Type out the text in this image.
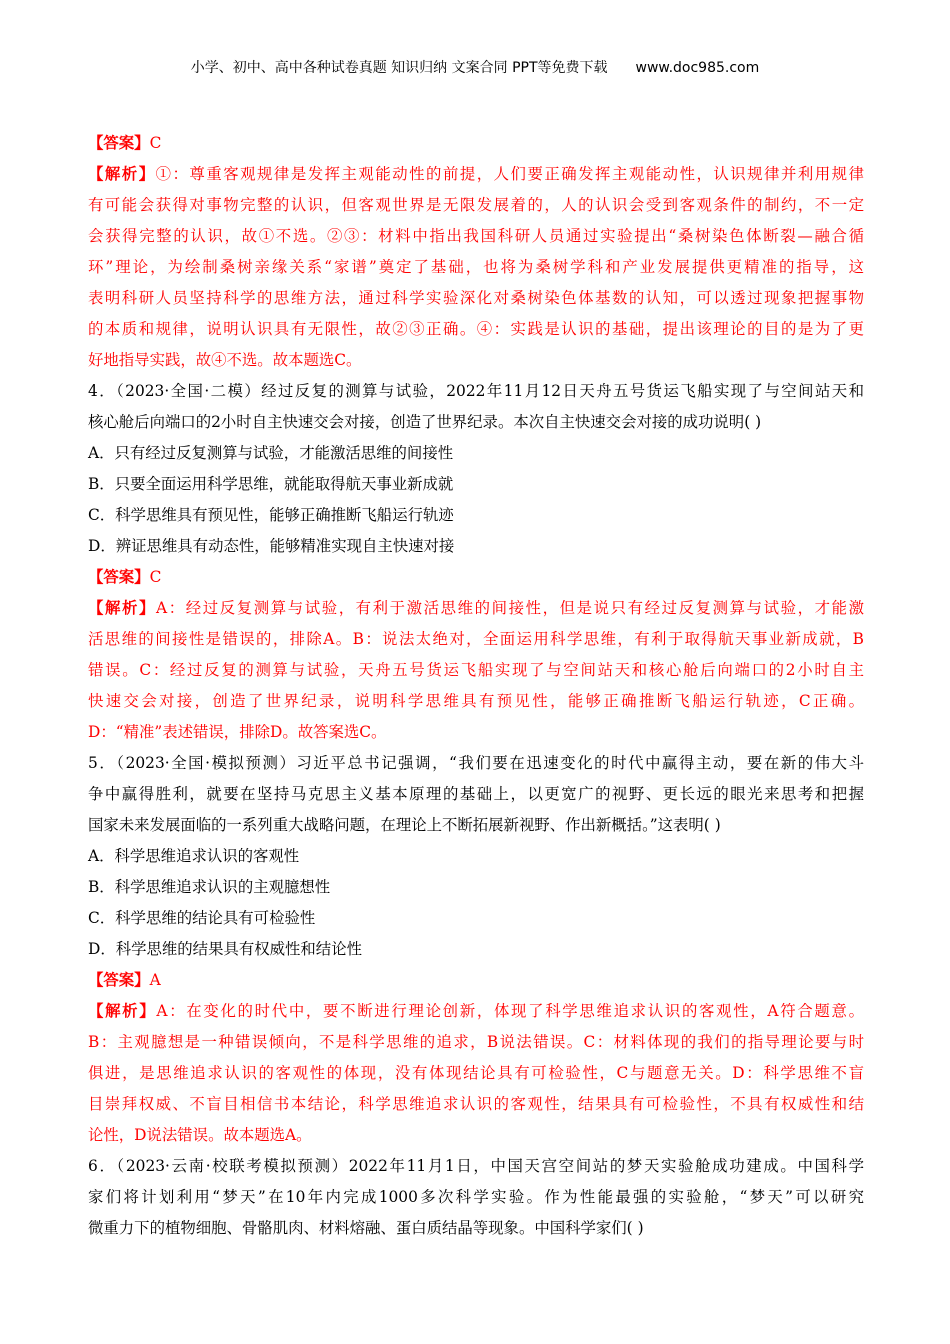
小学、初中、高中各种试卷真题 知识归纳 文案合同 PPT等免费下载 www.doc985.com
【答案】C
【解析】①：尊重客观规律是发挥主观能动性的前提，人们要正确发挥主观能动性，认识规律并利用规律
有可能会获得对事物完整的认识，但客观世界是无限发展着的，人的认识会受到客观条件的制约，不一定
会获得完整的认识，故①不选。②③：材料中指出我国科研人员通过实验提出“桑树染色体断裂—融合循
环”理论，为绘制桑树亲缘关系“家谱”奠定了基础，也将为桑树学科和产业发展提供更精准的指导，这
表明科研人员坚持科学的思维方法，通过科学实验深化对桑树染色体基数的认知，可以透过现象把握事物
的本质和规律，说明认识具有无限性，故②③正确。④：实践是认识的基础，提出该理论的目的是为了更
好地指导实践，故④不选。故本题选C。
4．（2023·全国·二模）经过反复的测算与试验，2022年11月12日天舟五号货运飞船实现了与空间站天和
核心舱后向端口的2小时自主快速交会对接，创造了世界纪录。本次自主快速交会对接的成功说明( )
A．只有经过反复测算与试验，才能激活思维的间接性
B．只要全面运用科学思维，就能取得航天事业新成就
C．科学思维具有预见性，能够正确推断飞船运行轨迹
D．辨证思维具有动态性，能够精准实现自主快速对接
【答案】C
【解析】A：经过反复测算与试验，有利于激活思维的间接性，但是说只有经过反复测算与试验，才能激
活思维的间接性是错误的，排除A。B：说法太绝对，全面运用科学思维，有利于取得航天事业新成就，B
错误。C：经过反复的测算与试验，天舟五号货运飞船实现了与空间站天和核心舱后向端口的2小时自主
快速交会对接，创造了世界纪录，说明科学思维具有预见性，能够正确推断飞船运行轨迹，C正确。
D：“精准”表述错误，排除D。故答案选C。
5．（2023·全国·模拟预测）习近平总书记强调，“我们要在迅速变化的时代中赢得主动，要在新的伟大斗
争中赢得胜利，就要在坚持马克思主义基本原理的基础上，以更宽广的视野、更长远的眼光来思考和把握
国家未来发展面临的一系列重大战略问题，在理论上不断拓展新视野、作出新概括。”这表明( )
A．科学思维追求认识的客观性
B．科学思维追求认识的主观臆想性
C．科学思维的结论具有可检验性
D．科学思维的结果具有权威性和结论性
【答案】A
【解析】A：在变化的时代中，要不断进行理论创新，体现了科学思维追求认识的客观性，A符合题意。
B：主观臆想是一种错误倾向，不是科学思维的追求，B说法错误。C：材料体现的我们的指导理论要与时
俱进，是思维追求认识的客观性的体现，没有体现结论具有可检验性，C与题意无关。D：科学思维不盲
目崇拜权威、不盲目相信书本结论，科学思维追求认识的客观性，结果具有可检验性，不具有权威性和结
论性，D说法错误。故本题选A。
6．（2023·云南·校联考模拟预测）2022年11月1日，中国天宫空间站的梦天实验舱成功建成。中国科学
家们将计划利用“梦天”在10年内完成1000多次科学实验。作为性能最强的实验舱，“梦天”可以研究
微重力下的植物细胞、骨骼肌肉、材料熔融、蛋白质结晶等现象。中国科学家们( )
